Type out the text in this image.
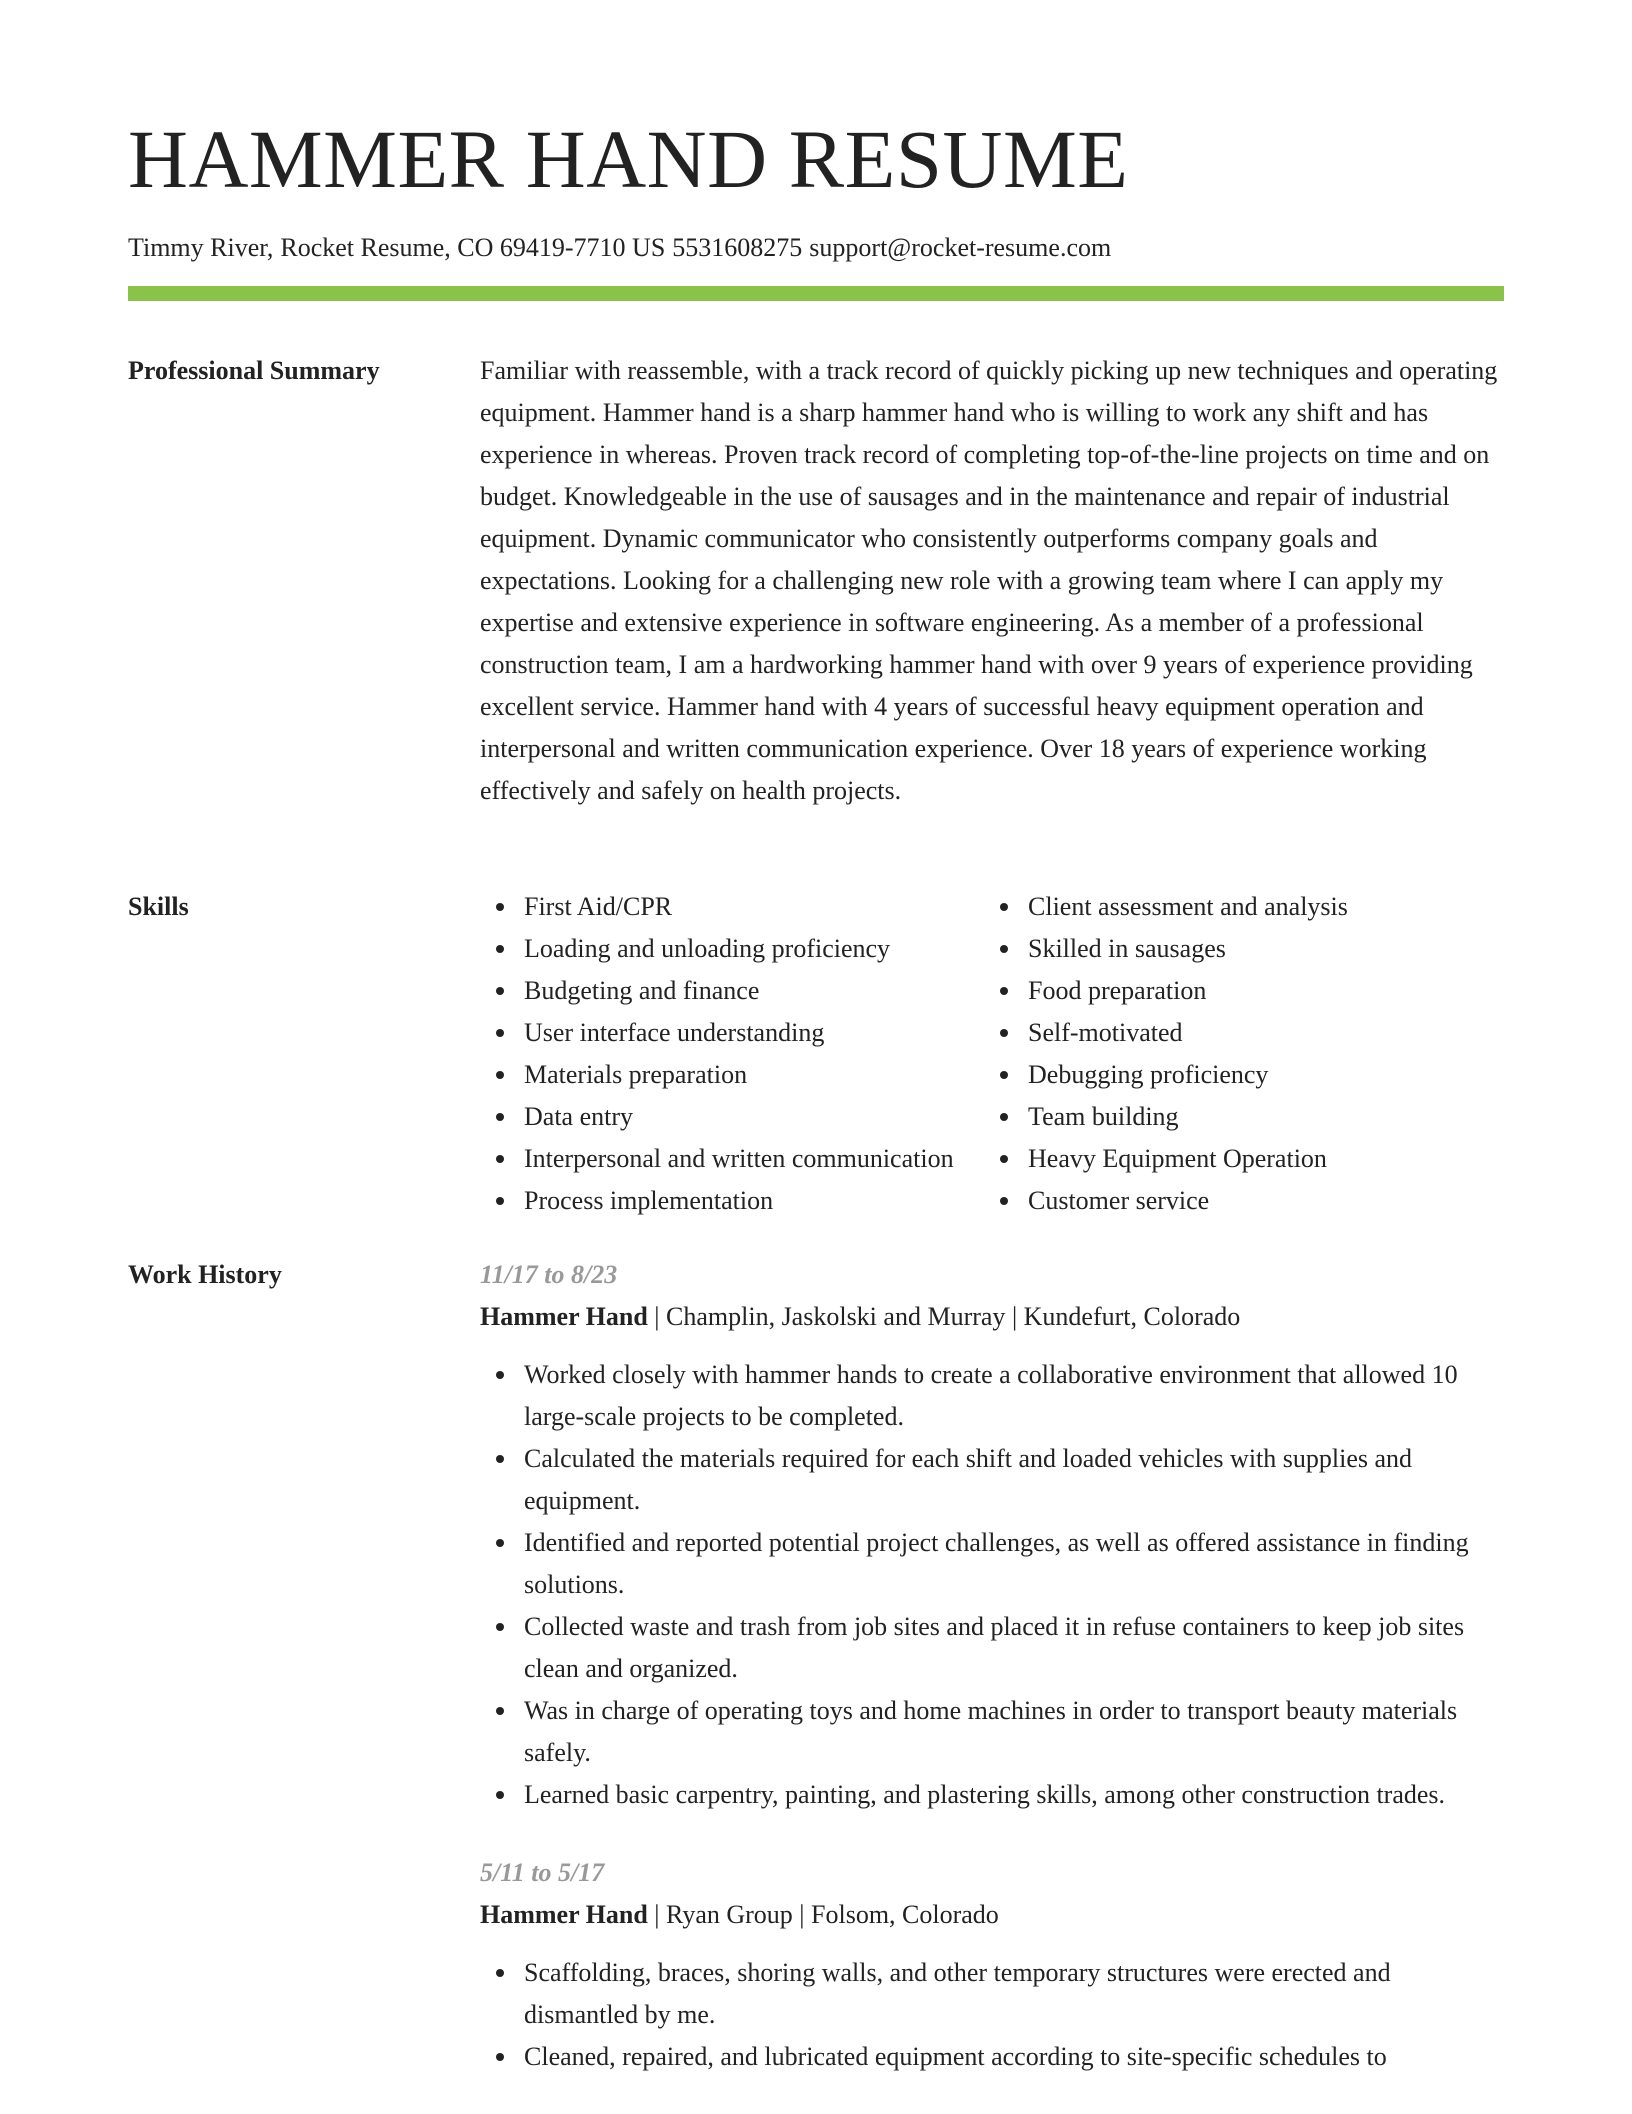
HAMMER HAND RESUME
Timmy River, Rocket Resume, CO 69419-7710 US 5531608275 support@rocket-resume.com
Professional Summary	Familiar with reassemble, with a track record of quickly picking up new techniques and operating equipment. Hammer hand is a sharp hammer hand who is willing to work any shift and has experience in whereas. Proven track record of completing top-of-the-line projects on time and on budget. Knowledgeable in the use of sausages and in the maintenance and repair of industrial equipment. Dynamic communicator who consistently outperforms company goals and expectations. Looking for a challenging new role with a growing team where I can apply my expertise and extensive experience in software engineering. As a member of a professional construction team, I am a hardworking hammer hand with over 9 years of experience providing excellent service. Hammer hand with 4 years of successful heavy equipment operation and interpersonal and written communication experience. Over 18 years of experience working effectively and safely on health projects.

Skills	First Aid/CPR
Loading and unloading proficiency
Budgeting and finance
User interface understanding
Materials preparation
Data entry
Interpersonal and written communication
Process implementation
Client assessment and analysis
Skilled in sausages
Food preparation
Self-motivated
Debugging proficiency
Team building
Heavy Equipment Operation
Customer service
Work History	11/17 to 8/23
Hammer Hand | Champlin, Jaskolski and Murray | Kundefurt, Colorado
Worked closely with hammer hands to create a collaborative environment that allowed 10 large-scale projects to be completed.
Calculated the materials required for each shift and loaded vehicles with supplies and equipment.
Identified and reported potential project challenges, as well as offered assistance in finding solutions.
Collected waste and trash from job sites and placed it in refuse containers to keep job sites clean and organized.
Was in charge of operating toys and home machines in order to transport beauty materials safely.
Learned basic carpentry, painting, and plastering skills, among other construction trades.
5/11 to 5/17
Hammer Hand | Ryan Group | Folsom, Colorado
Scaffolding, braces, shoring walls, and other temporary structures were erected and dismantled by me.
Cleaned, repaired, and lubricated equipment according to site-specific schedules to
